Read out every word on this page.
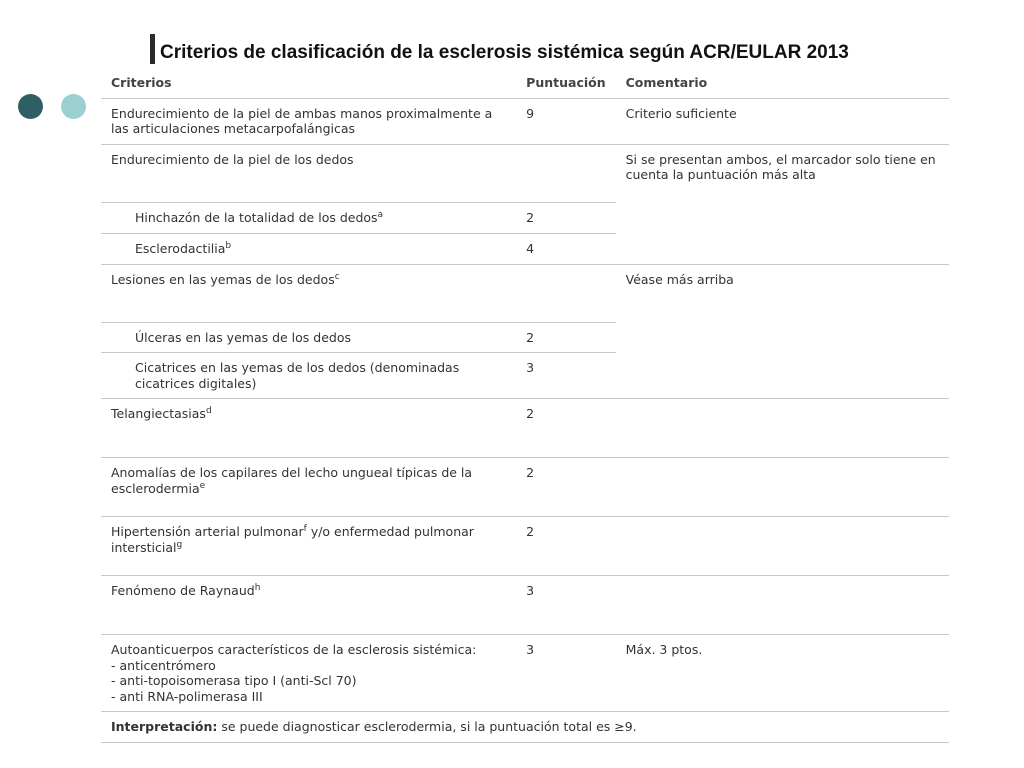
Criterios de clasificación de la esclerosis sistémica según ACR/EULAR 2013
Criterios	Puntuación	Comentario
Endurecimiento de la piel de ambas manos proximalmente a las articulaciones metacarpofalángicas	9	Criterio suficiente
Endurecimiento de la piel de los dedos		Si se presentan ambos, el marcador solo tiene en cuenta la puntuación más alta
Hinchazón de la totalidad de los dedos$^a$	2	
Esclerodactilia$^b$	4	
Lesiones en las yemas de los dedos$^c$		Véase más arriba
Úlceras en las yemas de los dedos	2	
Cicatrices en las yemas de los dedos (denominadas cicatrices digitales)	3	
Telangiectasias$^d$	2	
Anomalías de los capilares del lecho ungueal típicas de la esclerodermia$^e$	2	
Hipertensión arterial pulmonar$^f$ y/o enfermedad pulmonar intersticial$^g$	2	
Fenómeno de Raynaud$^h$	3	
Autoanticuerpos característicos de la esclerosis sistémica:
- anticentrómero
- anti-topoisomerasa tipo I (anti-Scl 70)
- anti RNA-polimerasa III	3	Máx. 3 ptos.
Interpretación: se puede diagnosticar esclerodermia, si la puntuación total es ≥9.		
